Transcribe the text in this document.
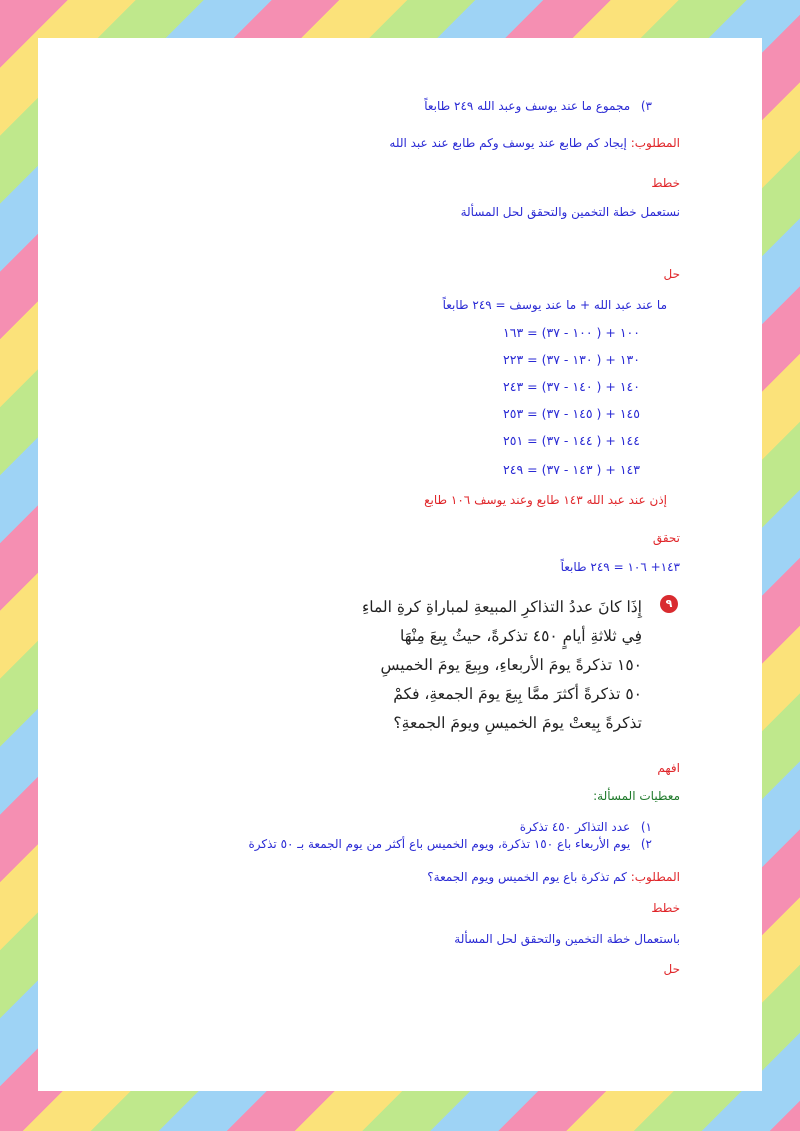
٣) مجموع ما عند يوسف وعبد الله ٢٤٩ طابعاً
المطلوب: إيجاد كم طابع عند يوسف وكم طابع عند عبد الله
خطط
نستعمل خطة التخمين والتحقق لحل المسألة
حل
ما عند عبد الله + ما عند يوسف = ٢٤٩ طابعاً
١٠٠ + ( ١٠٠ - ٣٧) = ١٦٣
١٣٠ + ( ١٣٠ - ٣٧) = ٢٢٣
١٤٠ + ( ١٤٠ - ٣٧) = ٢٤٣
١٤٥ + ( ١٤٥ - ٣٧) = ٢٥٣
١٤٤ + ( ١٤٤ - ٣٧) = ٢٥١
١٤٣ + ( ١٤٣ - ٣٧) = ٢٤٩
إذن عند عبد الله ١٤٣ طابع وعند يوسف ١٠٦ طابع
تحقق
١٤٣+ ١٠٦ = ٢٤٩ طابعاً
٩
إِذَا كانَ عددُ التذاكرِ المبيعةِ لمباراةِ كرةِ الماءِ
فِي ثلاثةِ أيامٍ ٤٥٠ تذكرةً، حيثُ بِيعَ مِنْهَا
١٥٠ تذكرةً يومَ الأربعاءِ، وبِيعَ يومَ الخميسِ
٥٠ تذكرةً أكثرَ ممَّا بِيعَ يومَ الجمعةِ، فكمْ
تذكرةً بِيعتْ يومَ الخميسِ ويومَ الجمعةِ؟
افهم
معطيات المسألة:
١) عدد التذاكر ٤٥٠ تذكرة
٢) يوم الأربعاء باع ١٥٠ تذكرة، ويوم الخميس باع أكثر من يوم الجمعة بـ ٥٠ تذكرة
المطلوب: كم تذكرة باع يوم الخميس ويوم الجمعة؟
خطط
باستعمال خطة التخمين والتحقق لحل المسألة
حل
